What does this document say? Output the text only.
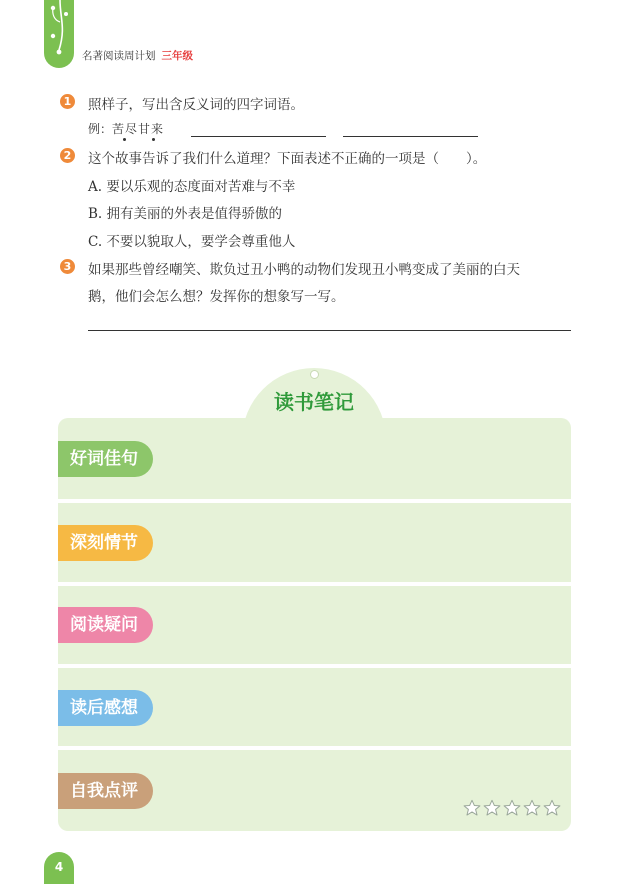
名著阅读周计划 三年级
1 照样子，写出含反义词的四字词语。
例：苦尽甘来
2 这个故事告诉了我们什么道理？下面表述不正确的一项是（　　）。
A. 要以乐观的态度面对苦难与不幸
B. 拥有美丽的外表是值得骄傲的
C. 不要以貌取人，要学会尊重他人
3 如果那些曾经嘲笑、欺负过丑小鸭的动物们发现丑小鸭变成了美丽的白天
鹅，他们会怎么想？发挥你的想象写一写。
读书笔记
好词佳句
深刻情节
阅读疑问
读后感想
自我点评
4
